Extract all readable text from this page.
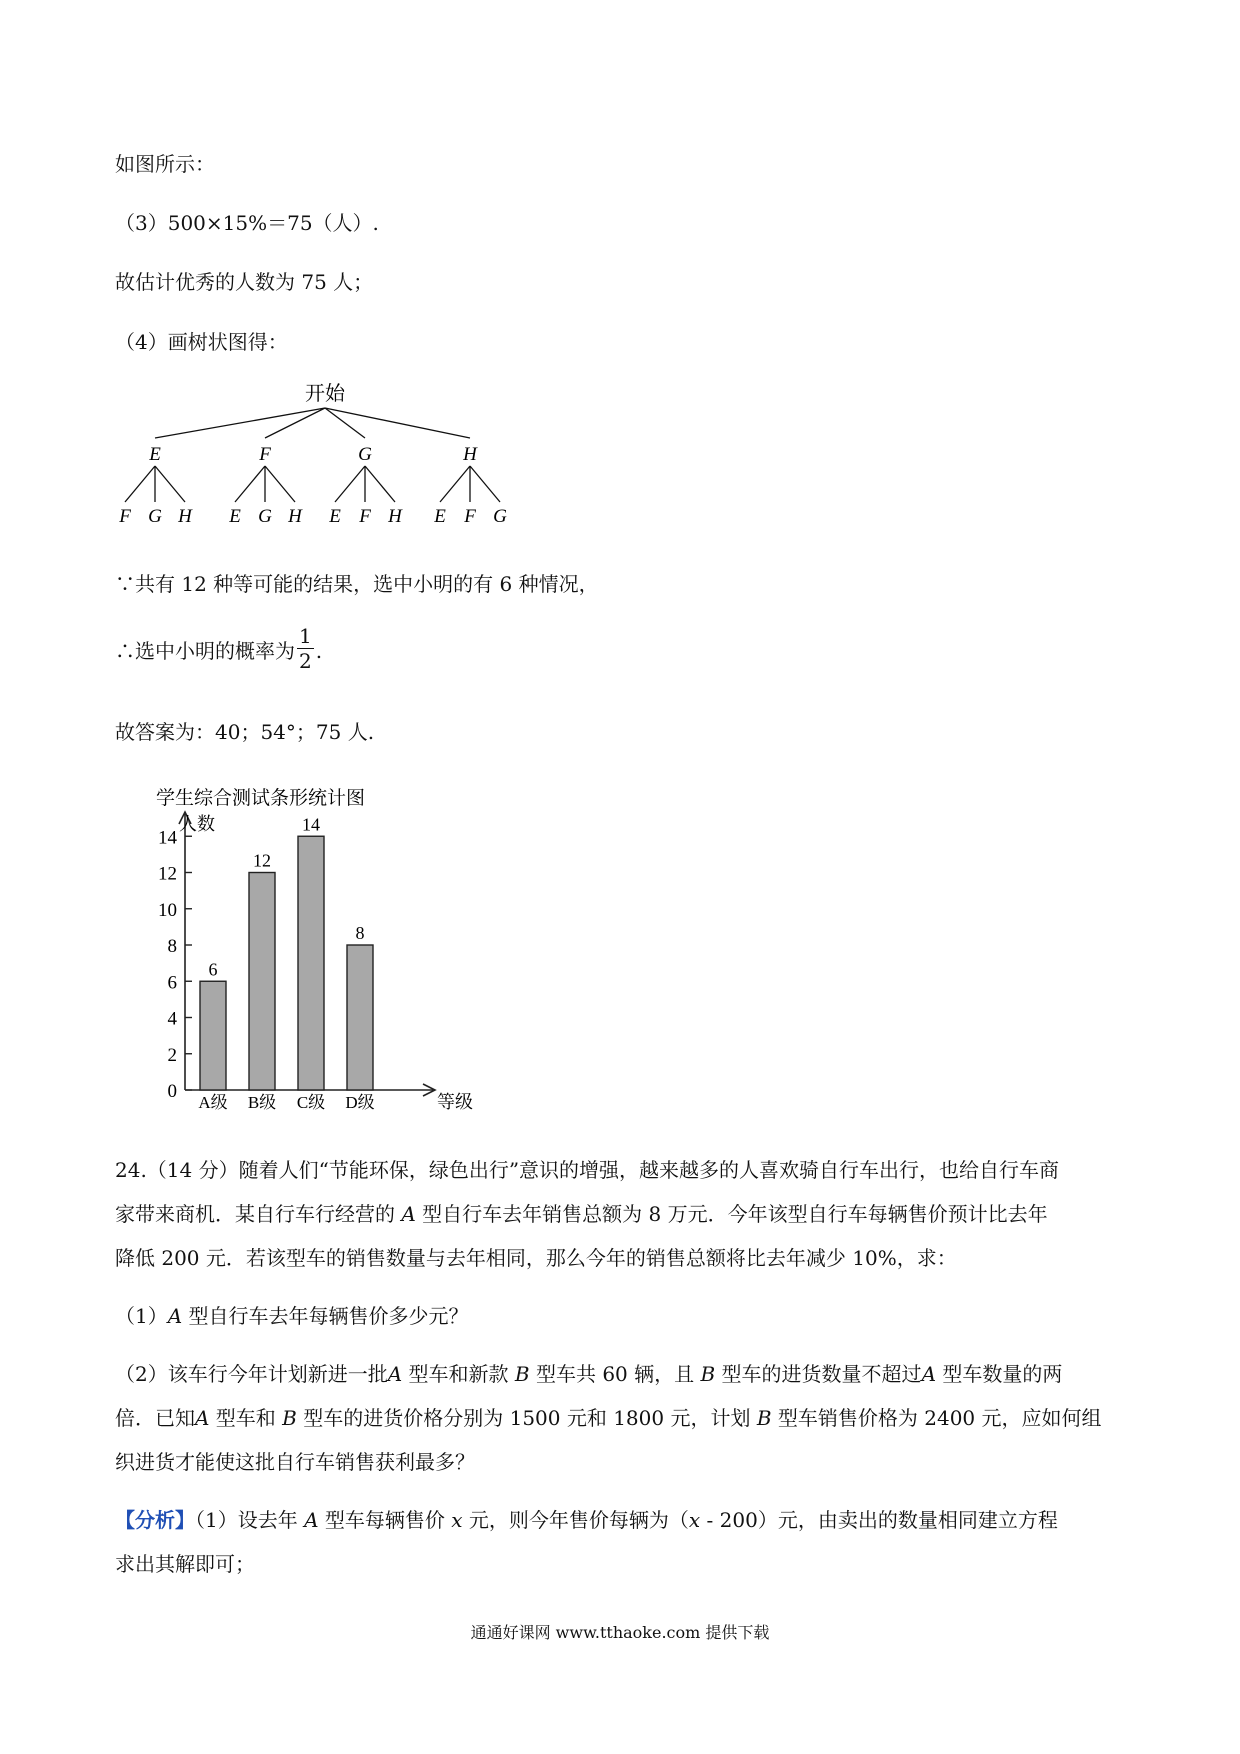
如图所示：
（3）500×15%＝75（人）.
故估计优秀的人数为 75 人；
（4）画树状图得：
开始
E
F G H
F
E G H
G
E F H
H
E F G
∵共有 12 种等可能的结果，选中小明的有 6 种情况，
∴选中小明的概率为 $\frac{1}{2}$ .
故答案为：40；54°；75 人.
学生综合测试条形统计图
人数
等级
0
2
4
6
8
10
12
14
6
A级
12
B级
14
C级
8
D级
24.（14 分）随着人们“节能环保，绿色出行”意识的增强，越来越多的人喜欢骑自行车出行，也给自行车商
家带来商机．某自行车行经营的 A 型自行车去年销售总额为 8 万元．今年该型自行车每辆售价预计比去年
降低 200 元．若该型车的销售数量与去年相同，那么今年的销售总额将比去年减少 10%，求：
（1）A 型自行车去年每辆售价多少元？
（2）该车行今年计划新进一批A 型车和新款 B 型车共 60 辆，且 B 型车的进货数量不超过A 型车数量的两
倍．已知A 型车和 B 型车的进货价格分别为 1500 元和 1800 元，计划 B 型车销售价格为 2400 元，应如何组
织进货才能使这批自行车销售获利最多？
【分析】（1）设去年 A 型车每辆售价 x 元，则今年售价每辆为（x - 200）元，由卖出的数量相同建立方程
求出其解即可；
通通好课网 www.tthaoke.com 提供下载
